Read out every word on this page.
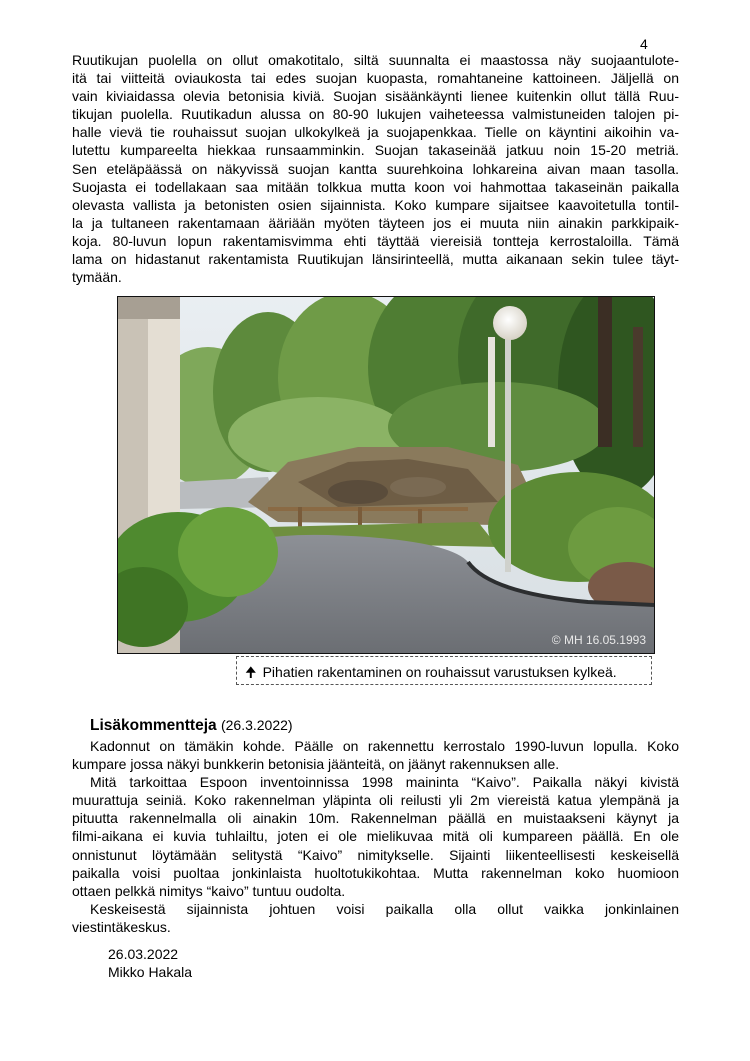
4
Ruutikujan puolella on ollut omakotitalo, siltä suunnalta ei maastossa näy suojaantulote-
itä tai viitteitä oviaukosta tai edes suojan kuopasta, romahtaneine kattoineen. Jäljellä on
vain kiviaidassa olevia betonisia kiviä. Suojan sisäänkäynti lienee kuitenkin ollut tällä Ruu-
tikujan puolella. Ruutikadun alussa on 80-90 lukujen vaiheteessa valmistuneiden talojen pi-
halle vievä tie rouhaissut suojan ulkokylkeä ja suojapenkkaa. Tielle on käyntini aikoihin va-
lutettu kumpareelta hiekkaa runsaamminkin. Suojan takaseinää jatkuu noin 15-20 metriä.
Sen eteläpäässä on näkyvissä suojan kantta suurehkoina lohkareina aivan maan tasolla.
Suojasta ei todellakaan saa mitään tolkkua mutta koon voi hahmottaa takaseinän paikalla
olevasta vallista ja betonisten osien sijainnista. Koko kumpare sijaitsee kaavoitetulla tontil-
la ja tultaneen rakentamaan ääriään myöten täyteen jos ei muuta niin ainakin parkkipaik-
koja. 80-luvun lopun rakentamisvimma ehti täyttää viereisiä tontteja kerrostaloilla. Tämä
lama on hidastanut rakentamista Ruutikujan länsirinteellä, mutta aikanaan sekin tulee täyt-
tymään.
© MH 16.05.1993
🠉 Pihatien rakentaminen on rouhaissut varustuksen kylkeä.
Lisäkommentteja (26.3.2022)
Kadonnut on tämäkin kohde. Päälle on rakennettu kerrostalo 1990-luvun lopulla. Koko
kumpare jossa näkyi bunkkerin betonisia jäänteitä, on jäänyt rakennuksen alle.
Mitä tarkoittaa Espoon inventoinnissa 1998 maininta “Kaivo”. Paikalla näkyi kivistä
muurattuja seiniä. Koko rakennelman yläpinta oli reilusti yli 2m viereistä katua ylempänä ja
pituutta rakennelmalla oli ainakin 10m. Rakennelman päällä en muistaakseni käynyt ja
filmi-aikana ei kuvia tuhlailtu, joten ei ole mielikuvaa mitä oli kumpareen päällä. En ole
onnistunut löytämään selitystä “Kaivo” nimitykselle. Sijainti liikenteellisesti keskeisellä
paikalla voisi puoltaa jonkinlaista huoltotukikohtaa. Mutta rakennelman koko huomioon
ottaen pelkkä nimitys “kaivo” tuntuu oudolta.
Keskeisestä sijainnista johtuen voisi paikalla olla ollut vaikka jonkinlainen
viestintäkeskus.
26.03.2022
Mikko Hakala
